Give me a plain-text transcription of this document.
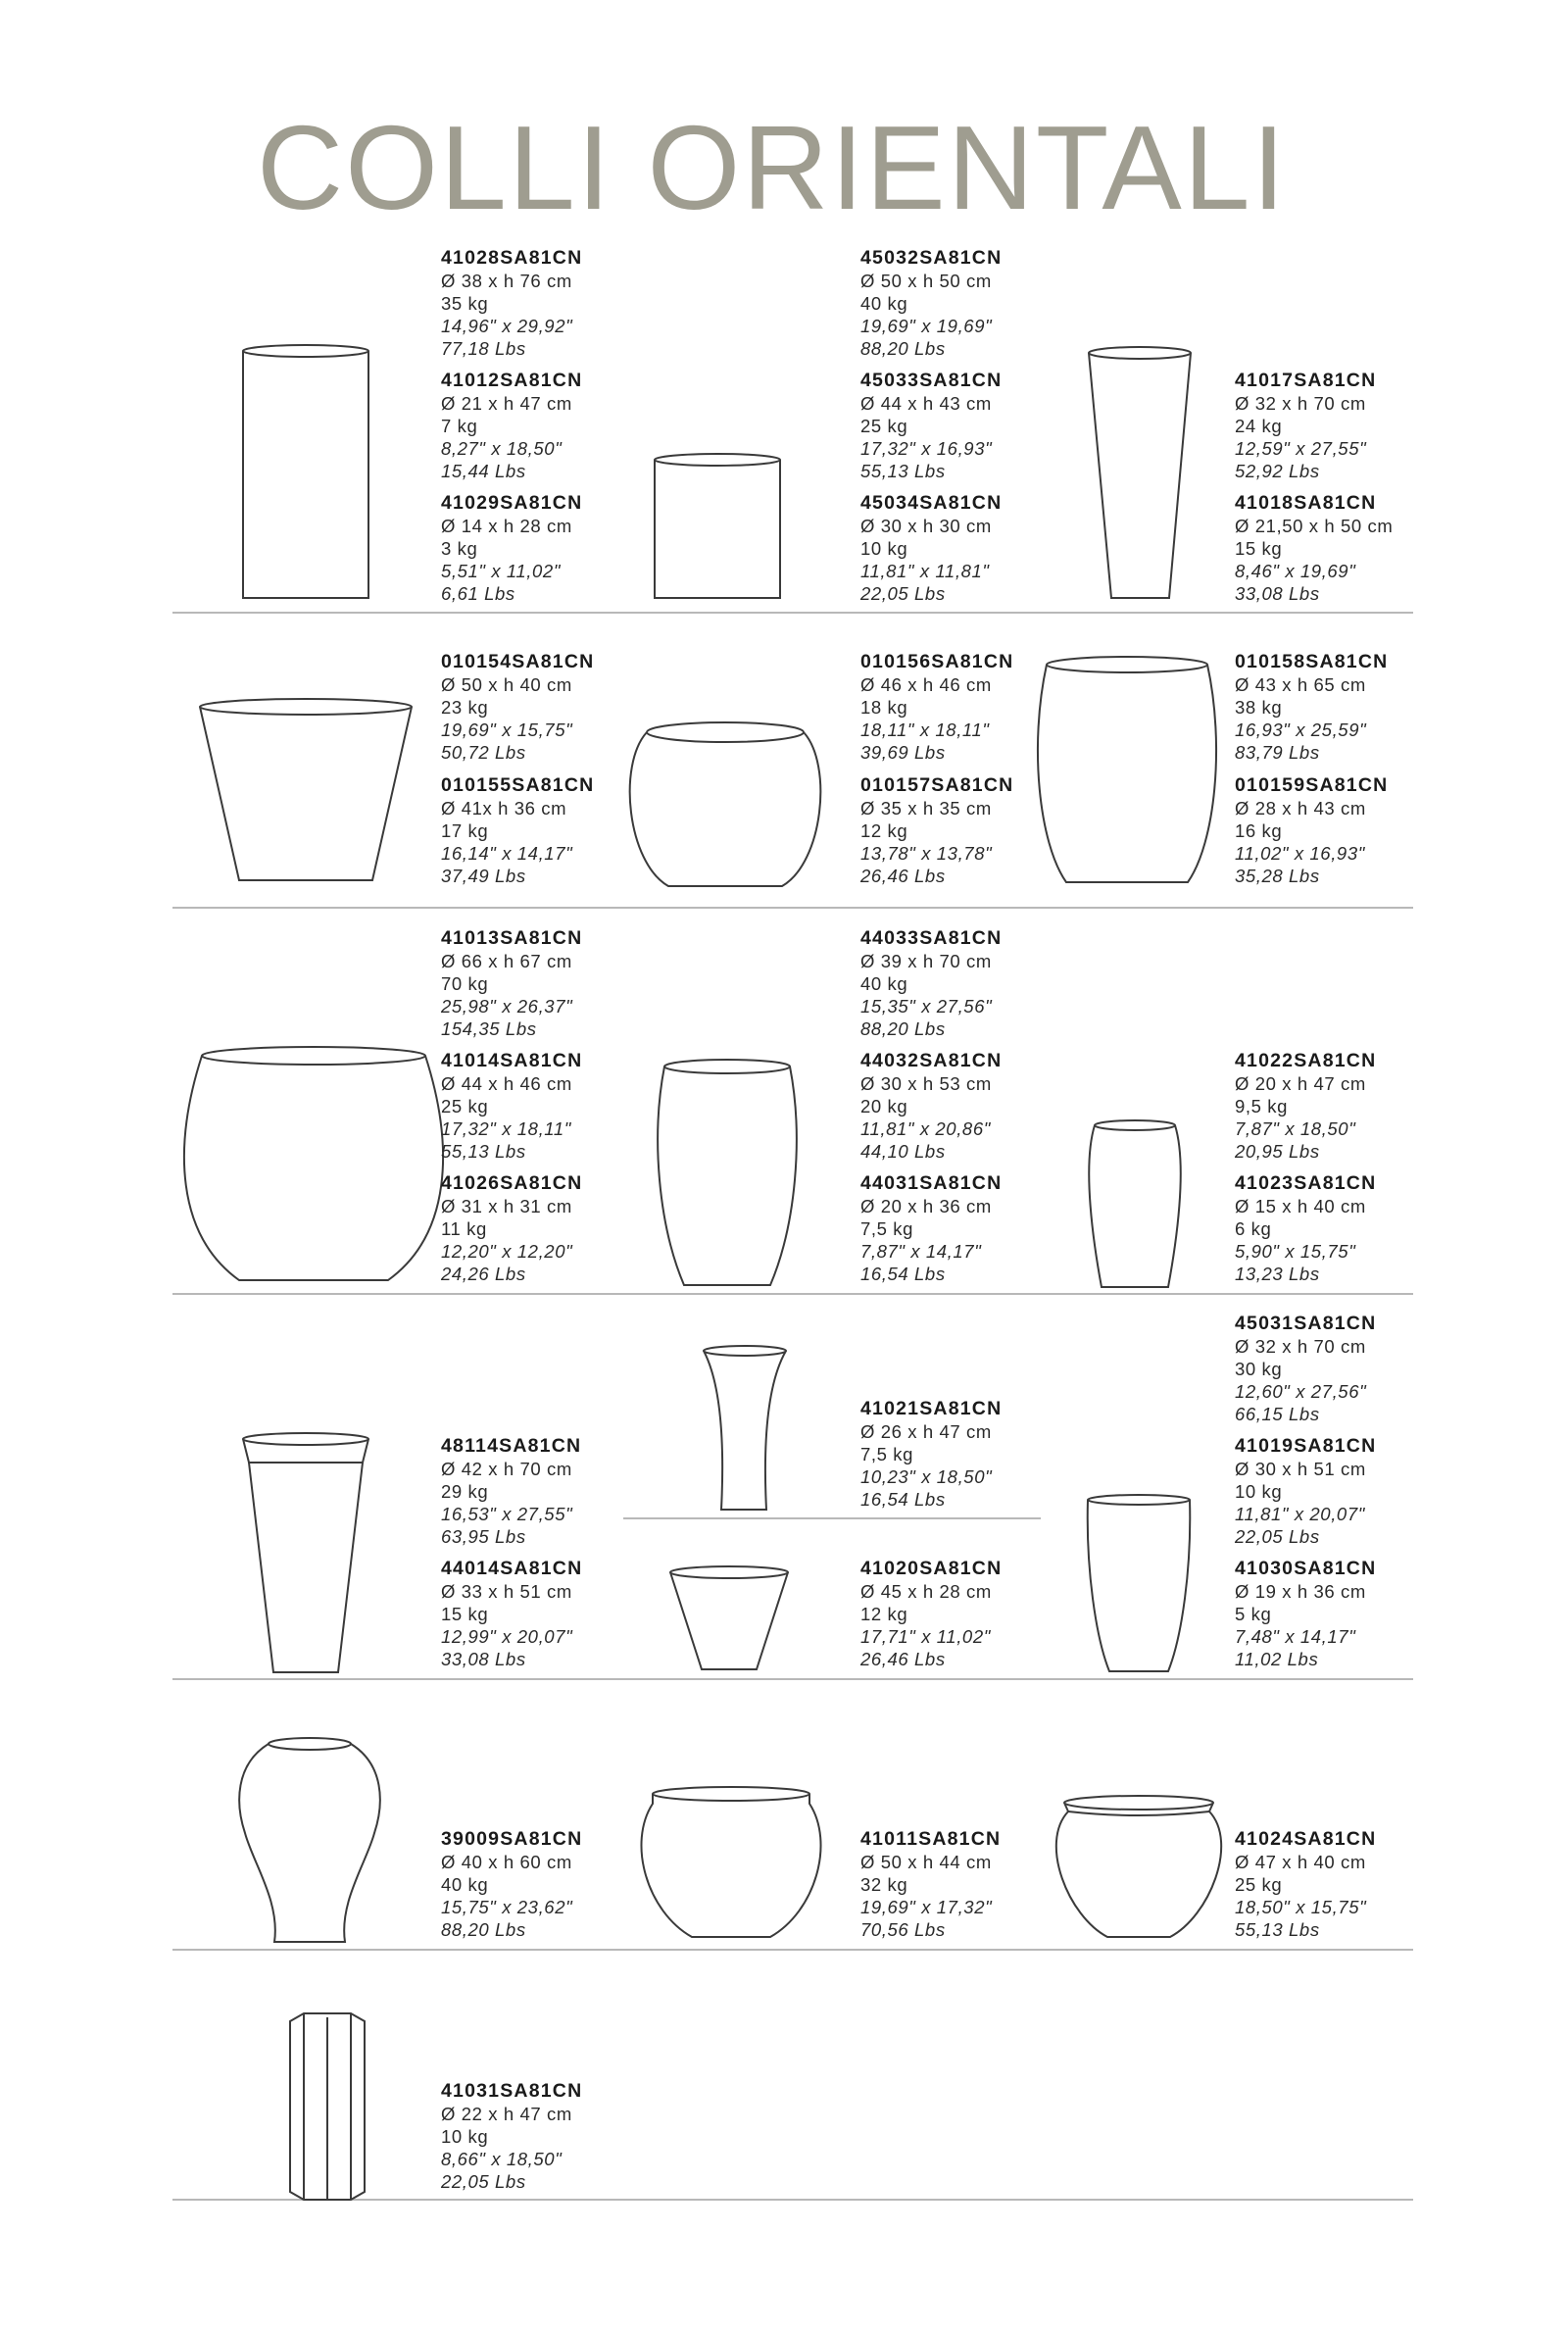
COLLI ORIENTALI
41028SA81CN
Ø 38 x h 76 cm
35 kg
14,96" x 29,92"
77,18 Lbs
41012SA81CN
Ø 21 x h 47 cm
7 kg
8,27" x 18,50"
15,44 Lbs
41029SA81CN
Ø 14 x h 28 cm
3 kg
5,51" x 11,02"
6,61 Lbs
45032SA81CN
Ø 50 x h 50 cm
40 kg
19,69" x 19,69"
88,20 Lbs
45033SA81CN
Ø 44 x h 43 cm
25 kg
17,32" x 16,93"
55,13 Lbs
45034SA81CN
Ø 30 x h 30 cm
10 kg
11,81" x 11,81"
22,05 Lbs
41017SA81CN
Ø 32 x h 70 cm
24 kg
12,59" x 27,55"
52,92 Lbs
41018SA81CN
Ø 21,50 x h 50 cm
15 kg
8,46" x 19,69"
33,08 Lbs
010154SA81CN
Ø 50 x h 40 cm
23 kg
19,69" x 15,75"
50,72 Lbs
010155SA81CN
Ø 41x h 36 cm
17 kg
16,14" x 14,17"
37,49 Lbs
010156SA81CN
Ø 46 x h 46 cm
18 kg
18,11" x 18,11"
39,69 Lbs
010157SA81CN
Ø 35 x h 35 cm
12 kg
13,78" x 13,78"
26,46 Lbs
010158SA81CN
Ø 43 x h 65 cm
38 kg
16,93" x 25,59"
83,79 Lbs
010159SA81CN
Ø 28 x h 43 cm
16 kg
11,02" x 16,93"
35,28 Lbs
41013SA81CN
Ø 66 x h 67 cm
70 kg
25,98" x 26,37"
154,35 Lbs
41014SA81CN
Ø 44 x h 46 cm
25 kg
17,32" x 18,11"
55,13 Lbs
41026SA81CN
Ø 31 x h 31 cm
11 kg
12,20" x 12,20"
24,26 Lbs
44033SA81CN
Ø 39 x h 70 cm
40 kg
15,35" x 27,56"
88,20 Lbs
44032SA81CN
Ø 30 x h 53 cm
20 kg
11,81" x 20,86"
44,10 Lbs
44031SA81CN
Ø 20 x h 36 cm
7,5 kg
7,87" x 14,17"
16,54 Lbs
41022SA81CN
Ø 20 x h 47 cm
9,5 kg
7,87" x 18,50"
20,95 Lbs
41023SA81CN
Ø 15 x h 40 cm
6 kg
5,90" x 15,75"
13,23 Lbs
48114SA81CN
Ø 42 x h 70 cm
29 kg
16,53" x 27,55"
63,95 Lbs
44014SA81CN
Ø 33 x h 51 cm
15 kg
12,99" x 20,07"
33,08 Lbs
41021SA81CN
Ø 26 x h 47 cm
7,5 kg
10,23" x 18,50"
16,54 Lbs
41020SA81CN
Ø 45 x h 28 cm
12 kg
17,71" x 11,02"
26,46 Lbs
45031SA81CN
Ø 32 x h 70 cm
30 kg
12,60" x 27,56"
66,15 Lbs
41019SA81CN
Ø 30 x h 51 cm
10 kg
11,81" x 20,07"
22,05 Lbs
41030SA81CN
Ø 19 x h 36 cm
5 kg
7,48" x 14,17"
11,02 Lbs
39009SA81CN
Ø 40 x h 60 cm
40 kg
15,75" x 23,62"
88,20 Lbs
41011SA81CN
Ø 50 x h 44 cm
32 kg
19,69" x 17,32"
70,56 Lbs
41024SA81CN
Ø 47 x h 40 cm
25 kg
18,50" x 15,75"
55,13 Lbs
41031SA81CN
Ø 22 x h 47 cm
10 kg
8,66" x 18,50"
22,05 Lbs
